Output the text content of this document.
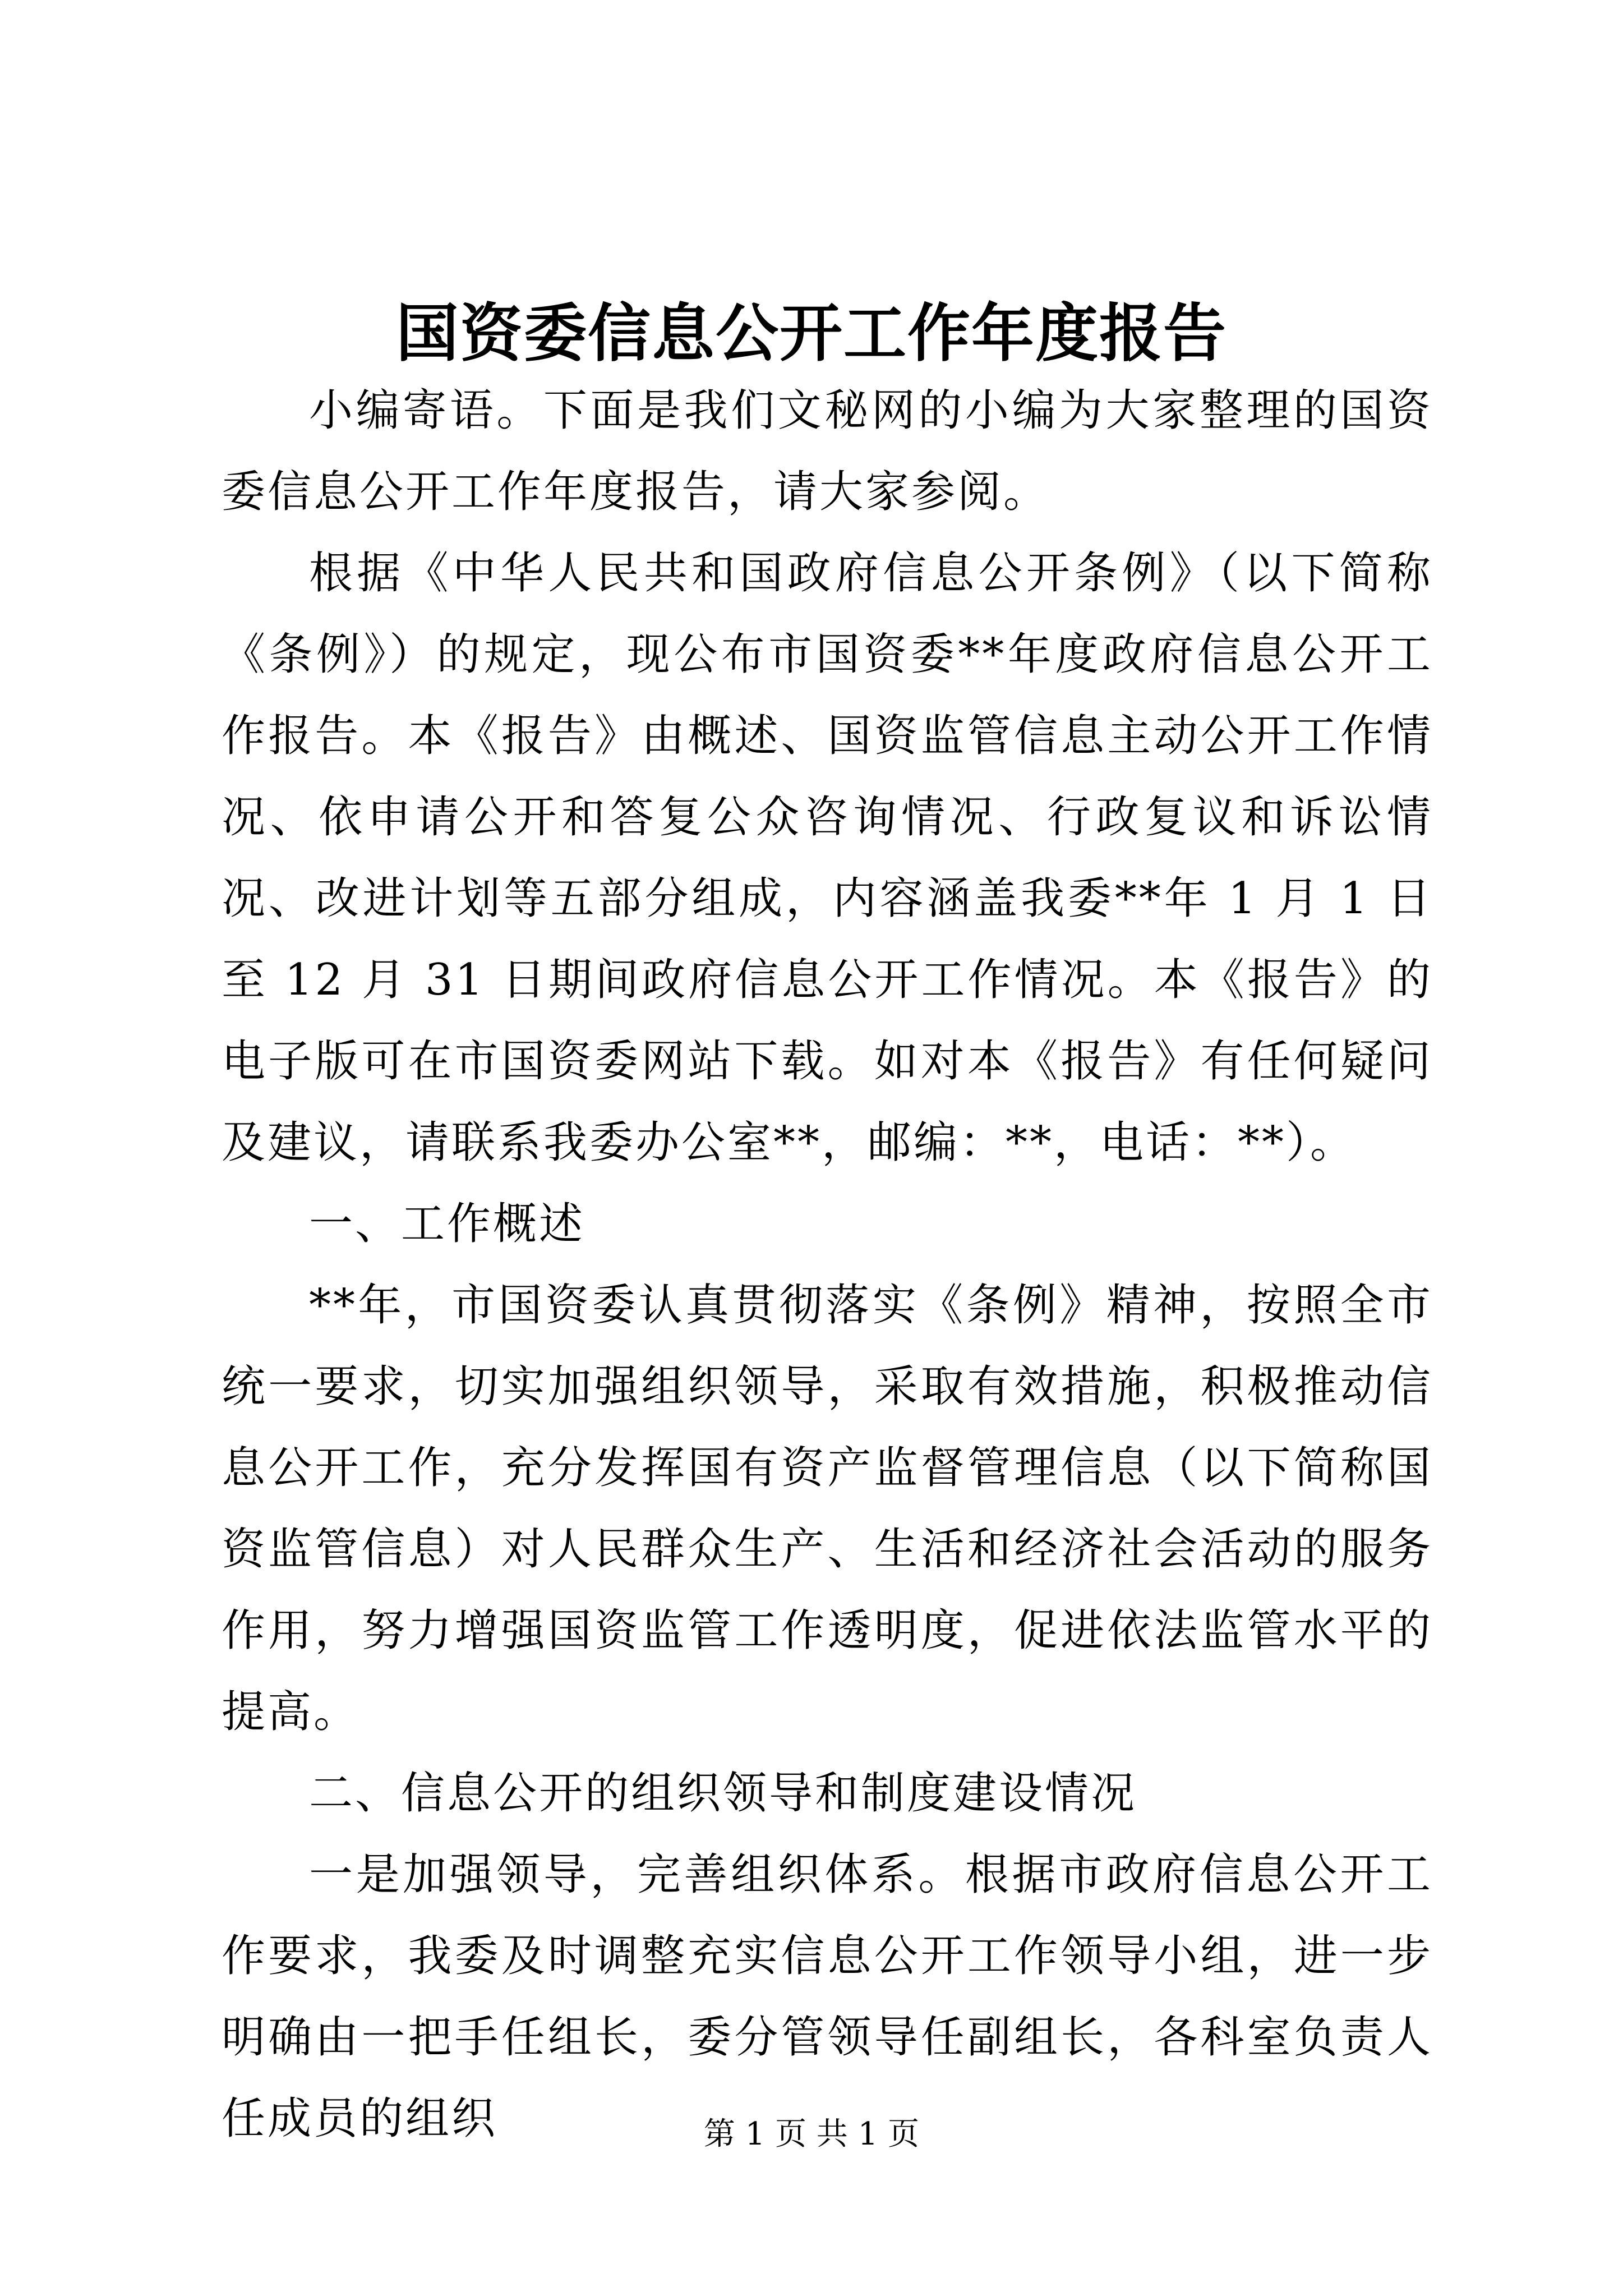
国资委信息公开工作年度报告

小编寄语。下面是我们文秘网的小编为大家整理的国资委信息公开工作年度报告，请大家参阅。

根据《中华人民共和国政府信息公开条例》（以下简称《条例》）的规定，现公布市国资委**年度政府信息公开工作报告。本《报告》由概述、国资监管信息主动公开工作情况、依申请公开和答复公众咨询情况、行政复议和诉讼情况、改进计划等五部分组成，内容涵盖我委**年 1 月 1 日至 12 月 31 日期间政府信息公开工作情况。本《报告》的电子版可在市国资委网站下载。如对本《报告》有任何疑问及建议，请联系我委办公室**，邮编：**，电话：**）。

一、工作概述

**年，市国资委认真贯彻落实《条例》精神，按照全市统一要求，切实加强组织领导，采取有效措施，积极推动信息公开工作，充分发挥国有资产监督管理信息（以下简称国资监管信息）对人民群众生产、生活和经济社会活动的服务作用，努力增强国资监管工作透明度，促进依法监管水平的提高。

二、信息公开的组织领导和制度建设情况

一是加强领导，完善组织体系。根据市政府信息公开工作要求，我委及时调整充实信息公开工作领导小组，进一步明确由一把手任组长，委分管领导任副组长，各科室负责人任成员的组织	第 1 页 共 1 页
